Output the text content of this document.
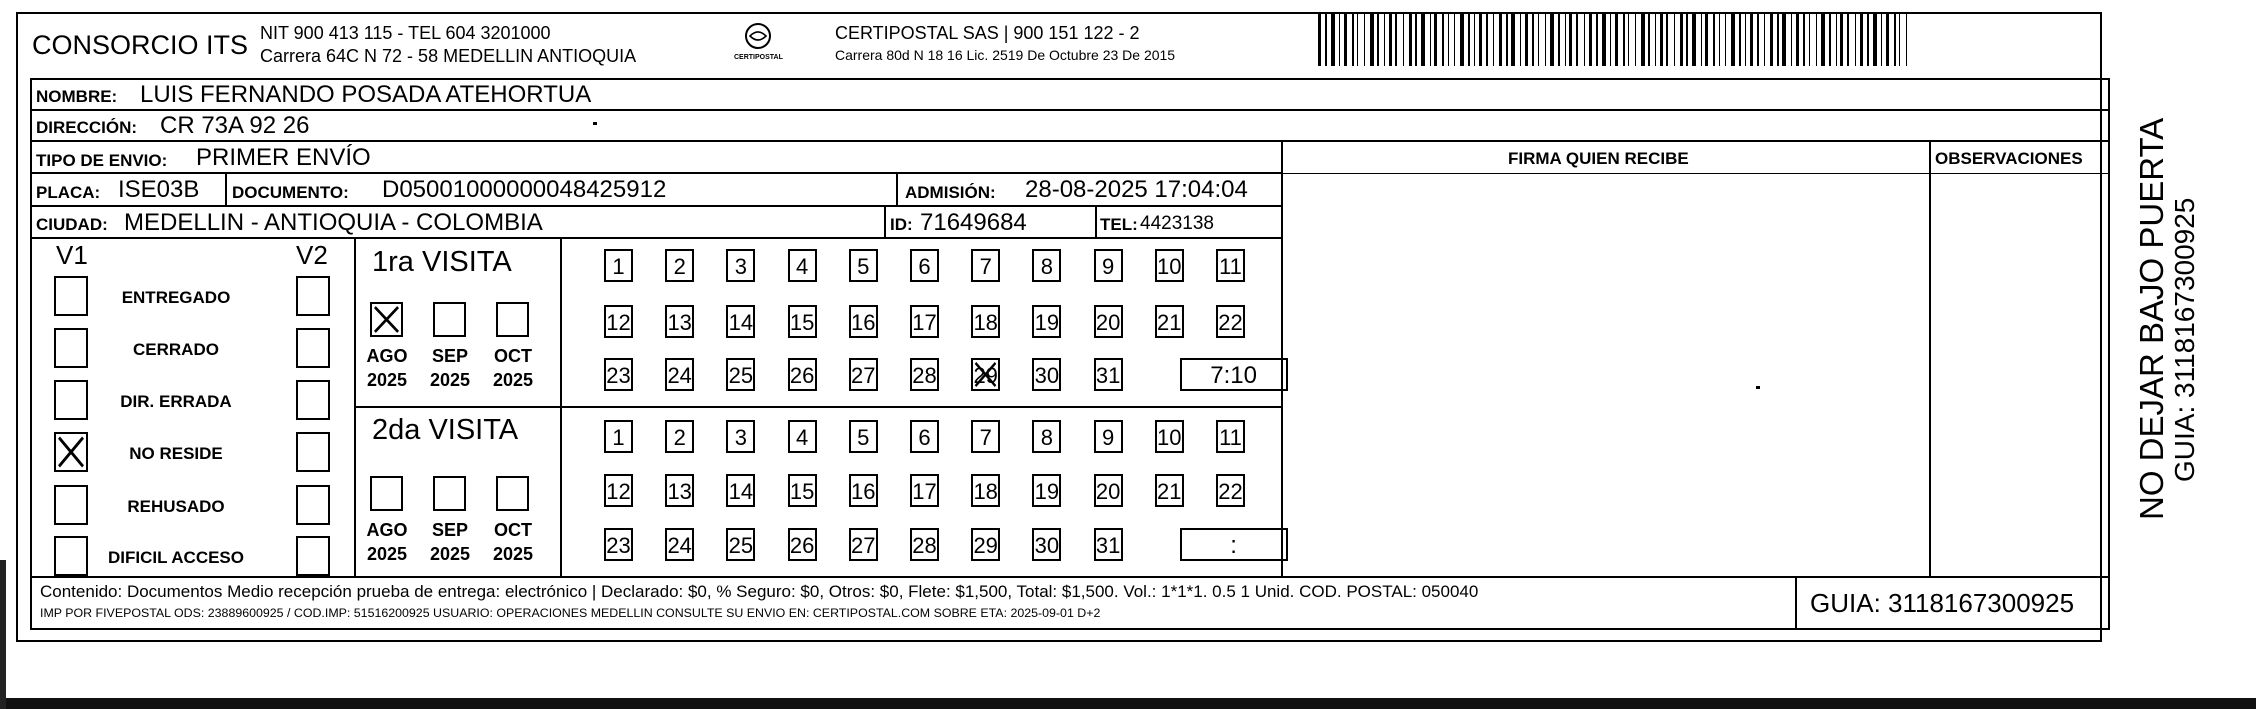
CONSORCIO ITS NIT 900 413 115 - TEL 604 3201000
Carrera 64C N 72 - 58 MEDELLIN ANTIOQUIA	CERTIPOSTAL
CERTIPOSTAL SAS | 900 151 122 - 2
Carrera 80d N 18 16 Lic. 2519 De Octubre 23 De 2015
NOMBRE: LUIS FERNANDO POSADA ATEHORTUA
DIRECCIÓN: CR 73A 92 26
TIPO DE ENVIO: PRIMER ENVÍO
PLACA: ISE03B DOCUMENTO: D05001000000048425912	ADMISIÓN: 28-08-2025 17:04:04
CIUDAD: MEDELLIN - ANTIOQUIA - COLOMBIA	ID: 71649684	TEL: 4423138
FIRMA QUIEN RECIBE	OBSERVACIONES
V1	V2
ENTREGADO
CERRADO
DIR. ERRADA
NO RESIDE
REHUSADO
DIFICIL ACCESO
1ra VISITA
AGO
2025
SEP
2025
OCT
2025
1	2	3	4	5	6	7	8	9	10 11
12 13 14 15 16 17 18 19 20 21 22
23 24 25 26 27 28 29 30 31	7:10
2da VISITA
AGO
2025
SEP
2025
OCT
2025
1	2	3	4	5	6	7	8	9	10 11
12 13 14 15 16 17 18 19 20 21 22
23 24 25 26 27 28 29 30 31	:
Contenido: Documentos Medio recepción prueba de entrega: electrónico | Declarado: $0, % Seguro: $0, Otros: $0, Flete: $1,500, Total: $1,500. Vol.: 1*1*1. 0.5 1 Unid. COD. POSTAL: 050040
IMP POR FIVEPOSTAL ODS: 23889600925 / COD.IMP: 51516200925 USUARIO: OPERACIONES MEDELLIN CONSULTE SU ENVIO EN: CERTIPOSTAL.COM SOBRE ETA: 2025-09-01 D+2	GUIA: 3118167300925
NO DEJAR BAJO PUERTA GUIA: 3118167300925
